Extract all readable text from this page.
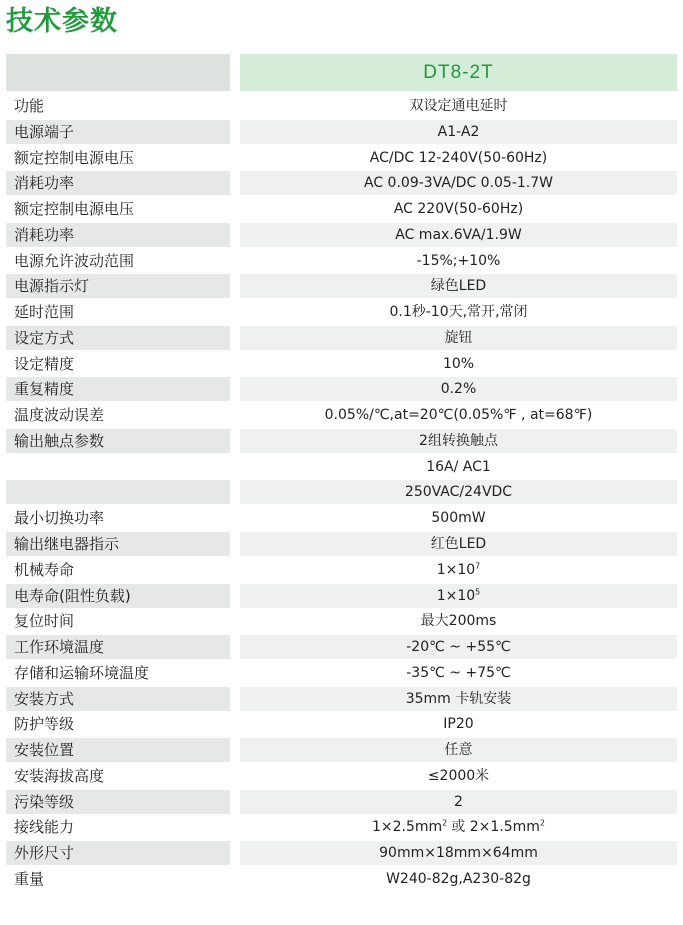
技术参数
DT8-2T
功能	双设定通电延时
电源端子	A1-A2
额定控制电源电压	AC/DC 12-240V(50-60Hz)
消耗功率	AC 0.09-3VA/DC 0.05-1.7W
额定控制电源电压	AC 220V(50-60Hz)
消耗功率	AC max.6VA/1.9W
电源允许波动范围	-15%;+10%
电源指示灯	绿色LED
延时范围	0.1秒-10天,常开,常闭
设定方式	旋钮
设定精度	10%
重复精度	0.2%
温度波动误差	0.05%/℃,at=20℃(0.05%℉ , at=68℉)
输出触点参数	2组转换触点
16A/ AC1
250VAC/24VDC
最小切换功率	500mW
输出继电器指示	红色LED
机械寿命	$1\times 10^7$
电寿命(阻性负载)	$1\times 10^5$
复位时间	最大200ms
工作环境温度	-20℃ ~ +55℃
存储和运输环境温度	-35℃ ~ +75℃
安装方式	35mm 卡轨安装
防护等级	IP20
安装位置	任意
安装海拔高度	≤2000米
污染等级	2
接线能力	$1\times 2.5mm^2$ 或 $2\times 1.5mm^2$
外形尺寸	90mm×18mm×64mm
重量	W240-82g,A230-82g
